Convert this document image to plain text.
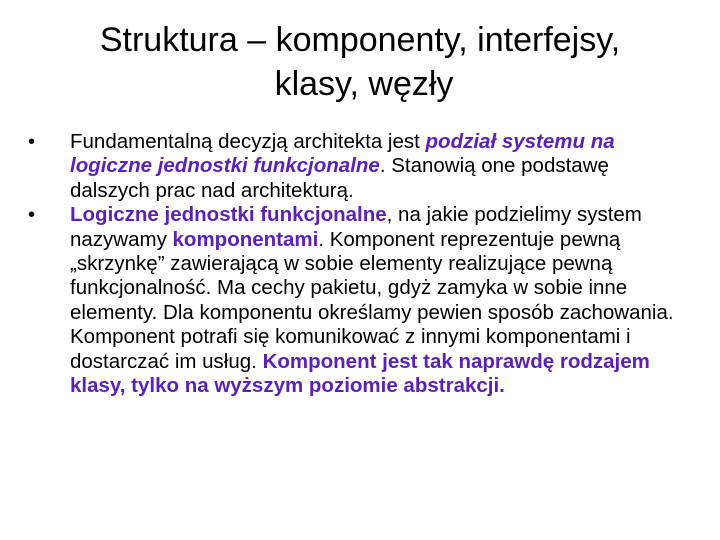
Struktura – komponenty, interfejsy,
klasy, węzły
• Fundamentalną decyzją architekta jest podział systemu na logiczne jednostki funkcjonalne. Stanowią one podstawę dalszych prac nad architekturą.
• Logiczne jednostki funkcjonalne, na jakie podzielimy system nazywamy komponentami. Komponent reprezentuje pewną „skrzynkę” zawierającą w sobie elementy realizujące pewną funkcjonalność. Ma cechy pakietu, gdyż zamyka w sobie inne elementy. Dla komponentu określamy pewien sposób zachowania. Komponent potrafi się komunikować z innymi komponentami i dostarczać im usług. Komponent jest tak naprawdę rodzajem klasy, tylko na wyższym poziomie abstrakcji.
